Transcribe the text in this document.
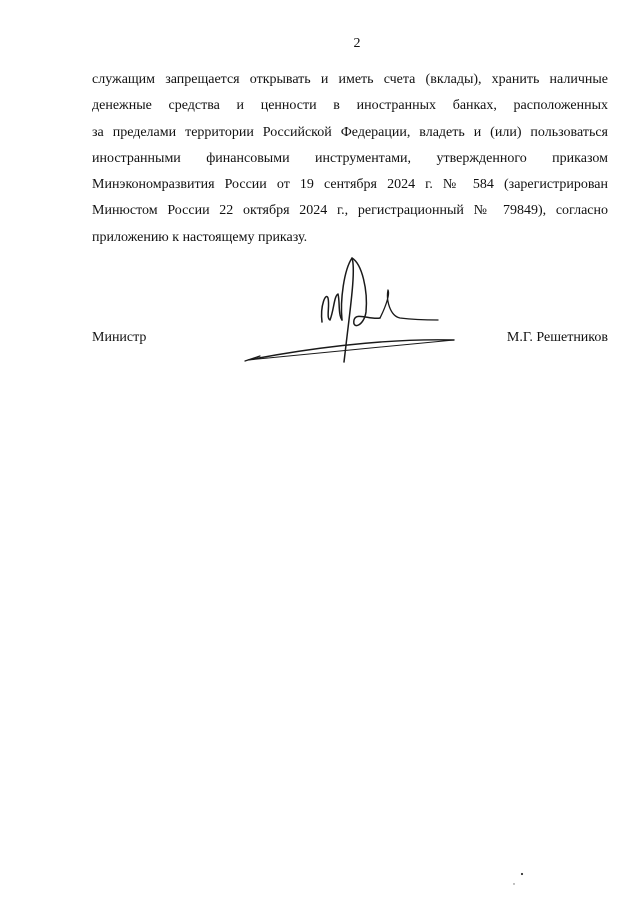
2
служащим запрещается открывать и иметь счета (вклады), хранить наличные
денежные средства и ценности в иностранных банках, расположенных
за пределами территории Российской Федерации, владеть и (или) пользоваться
иностранными финансовыми инструментами, утвержденного приказом
Минэкономразвития России от 19 сентября 2024 г. № 584 (зарегистрирован
Минюстом России 22 октября 2024 г., регистрационный № 79849), согласно
приложению к настоящему приказу.
Министр	М.Г. Решетников
